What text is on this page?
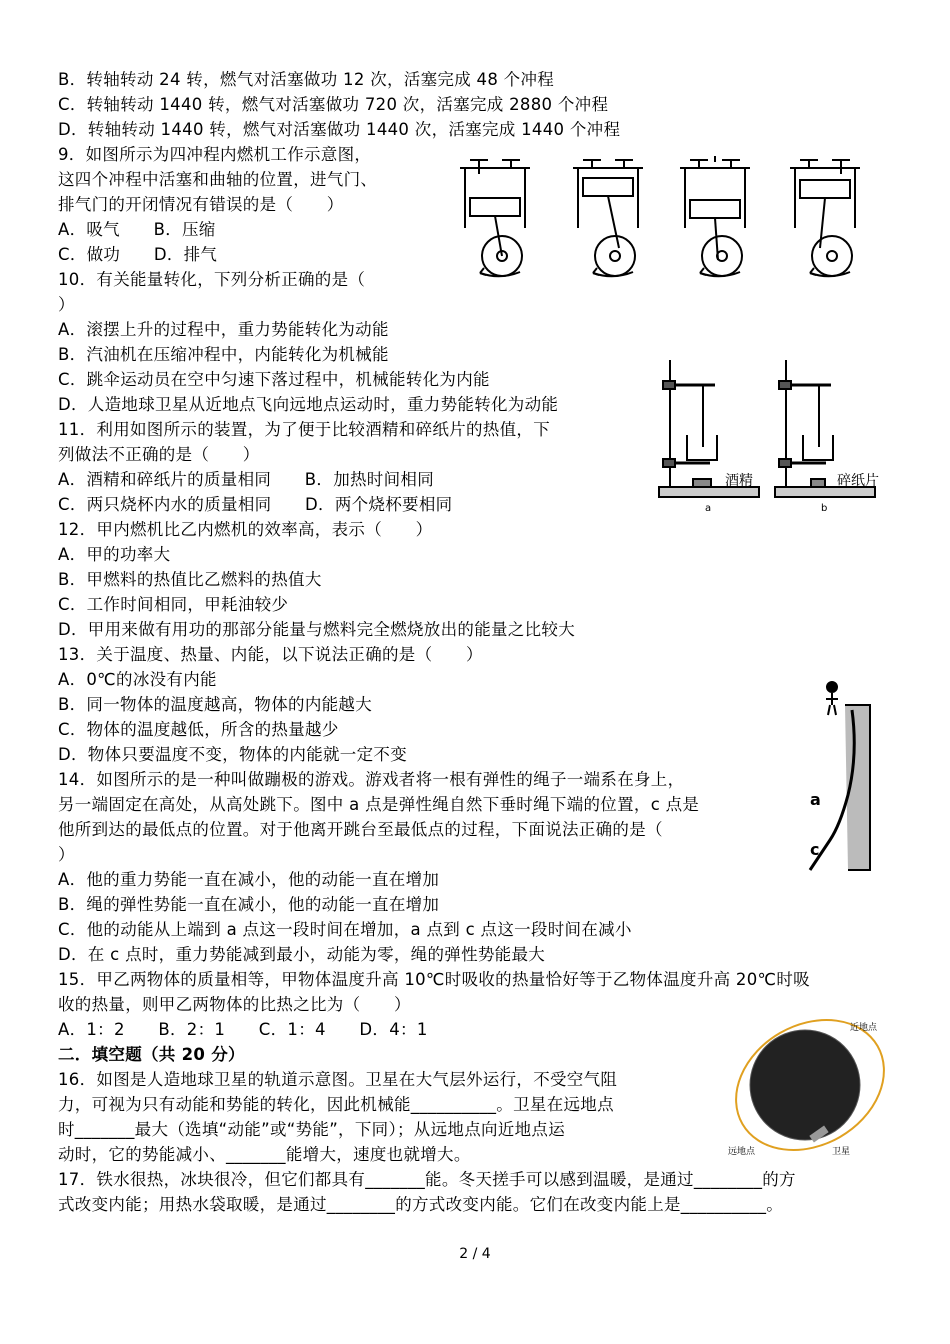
B．转轴转动 24 转，燃气对活塞做功 12 次，活塞完成 48 个冲程
C．转轴转动 1440 转，燃气对活塞做功 720 次，活塞完成 2880 个冲程
D．转轴转动 1440 转，燃气对活塞做功 1440 次，活塞完成 1440 个冲程
9．如图所示为四冲程内燃机工作示意图，
这四个冲程中活塞和曲轴的位置，进气门、
排气门的开闭情况有错误的是（　　）
A．吸气　　B．压缩
C．做功　　D．排气
10．有关能量转化，下列分析正确的是（
）
A．滚摆上升的过程中，重力势能转化为动能
B．汽油机在压缩冲程中，内能转化为机械能
C．跳伞运动员在空中匀速下落过程中，机械能转化为内能
D．人造地球卫星从近地点飞向远地点运动时，重力势能转化为动能
11．利用如图所示的装置，为了便于比较酒精和碎纸片的热值，下
列做法不正确的是（　　）
A．酒精和碎纸片的质量相同　　B．加热时间相同
C．两只烧杯内水的质量相同　　D．两个烧杯要相同
12．甲内燃机比乙内燃机的效率高，表示（　　）
A．甲的功率大
B．甲燃料的热值比乙燃料的热值大
C．工作时间相同，甲耗油较少
D．甲用来做有用功的那部分能量与燃料完全燃烧放出的能量之比较大
13．关于温度、热量、内能，以下说法正确的是（　　）
A．0℃的冰没有内能
B．同一物体的温度越高，物体的内能越大
C．物体的温度越低，所含的热量越少
D．物体只要温度不变，物体的内能就一定不变
14．如图所示的是一种叫做蹦极的游戏。游戏者将一根有弹性的绳子一端系在身上，
另一端固定在高处，从高处跳下。图中 a 点是弹性绳自然下垂时绳下端的位置，c 点是
他所到达的最低点的位置。对于他离开跳台至最低点的过程，下面说法正确的是（
）
A．他的重力势能一直在减小，他的动能一直在增加
B．绳的弹性势能一直在减小，他的动能一直在增加
C．他的动能从上端到 a 点这一段时间在增加，a 点到 c 点这一段时间在减小
D．在 c 点时，重力势能减到最小，动能为零，绳的弹性势能最大
15．甲乙两物体的质量相等，甲物体温度升高 10℃时吸收的热量恰好等于乙物体温度升高 20℃时吸
收的热量，则甲乙两物体的比热之比为（　　）
A．1：2　　B．2：1　　C．1：4　　D．4：1
二．填空题（共 20 分）
16．如图是人造地球卫星的轨道示意图。卫星在大气层外运行，不受空气阻
力，可视为只有动能和势能的转化，因此机械能__________。卫星在远地点
时_______最大（选填“动能”或“势能”，下同）；从远地点向近地点运
动时，它的势能减小、_______能增大，速度也就增大。
17．铁水很热，冰块很冷，但它们都具有_______能。冬天搓手可以感到温暖，是通过________的方
式改变内能；用热水袋取暖，是通过________的方式改变内能。它们在改变内能上是__________。
酒精	碎纸片
a	b
a
c
近地点
远地点	卫星
2 / 4
